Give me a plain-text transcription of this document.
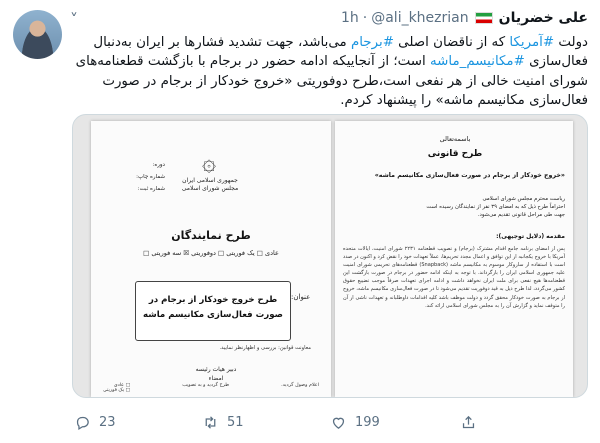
˅	علی خضریان
@ali_khezrian
·
1h
دولت #آمریکا که از ناقضان اصلی #برجام می‌باشد، جهت تشدید فشارها بر ایران به‌دنبال فعال‌سازی #مکانیسم_ماشه است؛ از آنجاییکه ادامه حضور در برجام با بازگشت قطعنامه‌های شورای امنیت خالی از هر نفعی است،طرح دوفوریتی «خروج خودکار از برجام در صورت فعال‌سازی مکانیسم ماشه» را پیشنهاد کردم.
۞
جمهوری اسلامی ایران
مجلس شورای اسلامی
دوره:
شماره چاپ:
شماره ثبت:
طرح نمایندگان
عادی □ یک فوریتی □ دوفوریتی ☒ سه فوریتی □
طرح خروج خودکار از برجام در صورت فعال‌سازی مکانیسم ماشه
عنوان:
معاونت قوانین: بررسی و اظهارنظر نمایید.
دبیر هیات رئیسه
امضاء
اعلام وصول گردید.
طرح گردید و به تصویب
□ عادی
□ یک فوریتی
باسمه‌تعالی
طرح قانونی
«خروج خودکار از برجام در صورت فعال‌سازی مکانیسم ماشه»
ریاست محترم مجلس شورای اسلامی
احتراماً طرح ذیل که به امضای ۳۹ نفر از نمایندگان رسیده است
جهت طی مراحل قانونی تقدیم می‌شود.
مقدمه (دلایل توجیهی):
پس از امضای برنامه جامع اقدام مشترک (برجام) و تصویب قطعنامه ۲۲۳۱ شورای امنیت، ایالات متحده آمریکا با خروج یکجانبه از این توافق و اعمال مجدد تحریم‌ها، عملاً تعهدات خود را نقض کرد و اکنون در صدد است با استفاده از سازوکار موسوم به مکانیسم ماشه (Snapback) قطعنامه‌های تحریمی شورای امنیت علیه جمهوری اسلامی ایران را بازگرداند. با توجه به اینکه ادامه حضور در برجام در صورت بازگشت این قطعنامه‌ها هیچ نفعی برای ملت ایران نخواهد داشت و ادامه اجرای تعهدات صرفاً موجب تضییع حقوق کشور می‌گردد، لذا طرح ذیل به قید دوفوریت تقدیم می‌شود تا در صورت فعال‌سازی مکانیسم ماشه، خروج از برجام به صورت خودکار محقق گردد و دولت موظف باشد کلیه اقدامات داوطلبانه و تعهدات ناشی از آن را متوقف نماید و گزارش آن را به مجلس شورای اسلامی ارائه کند.
23	51	199
